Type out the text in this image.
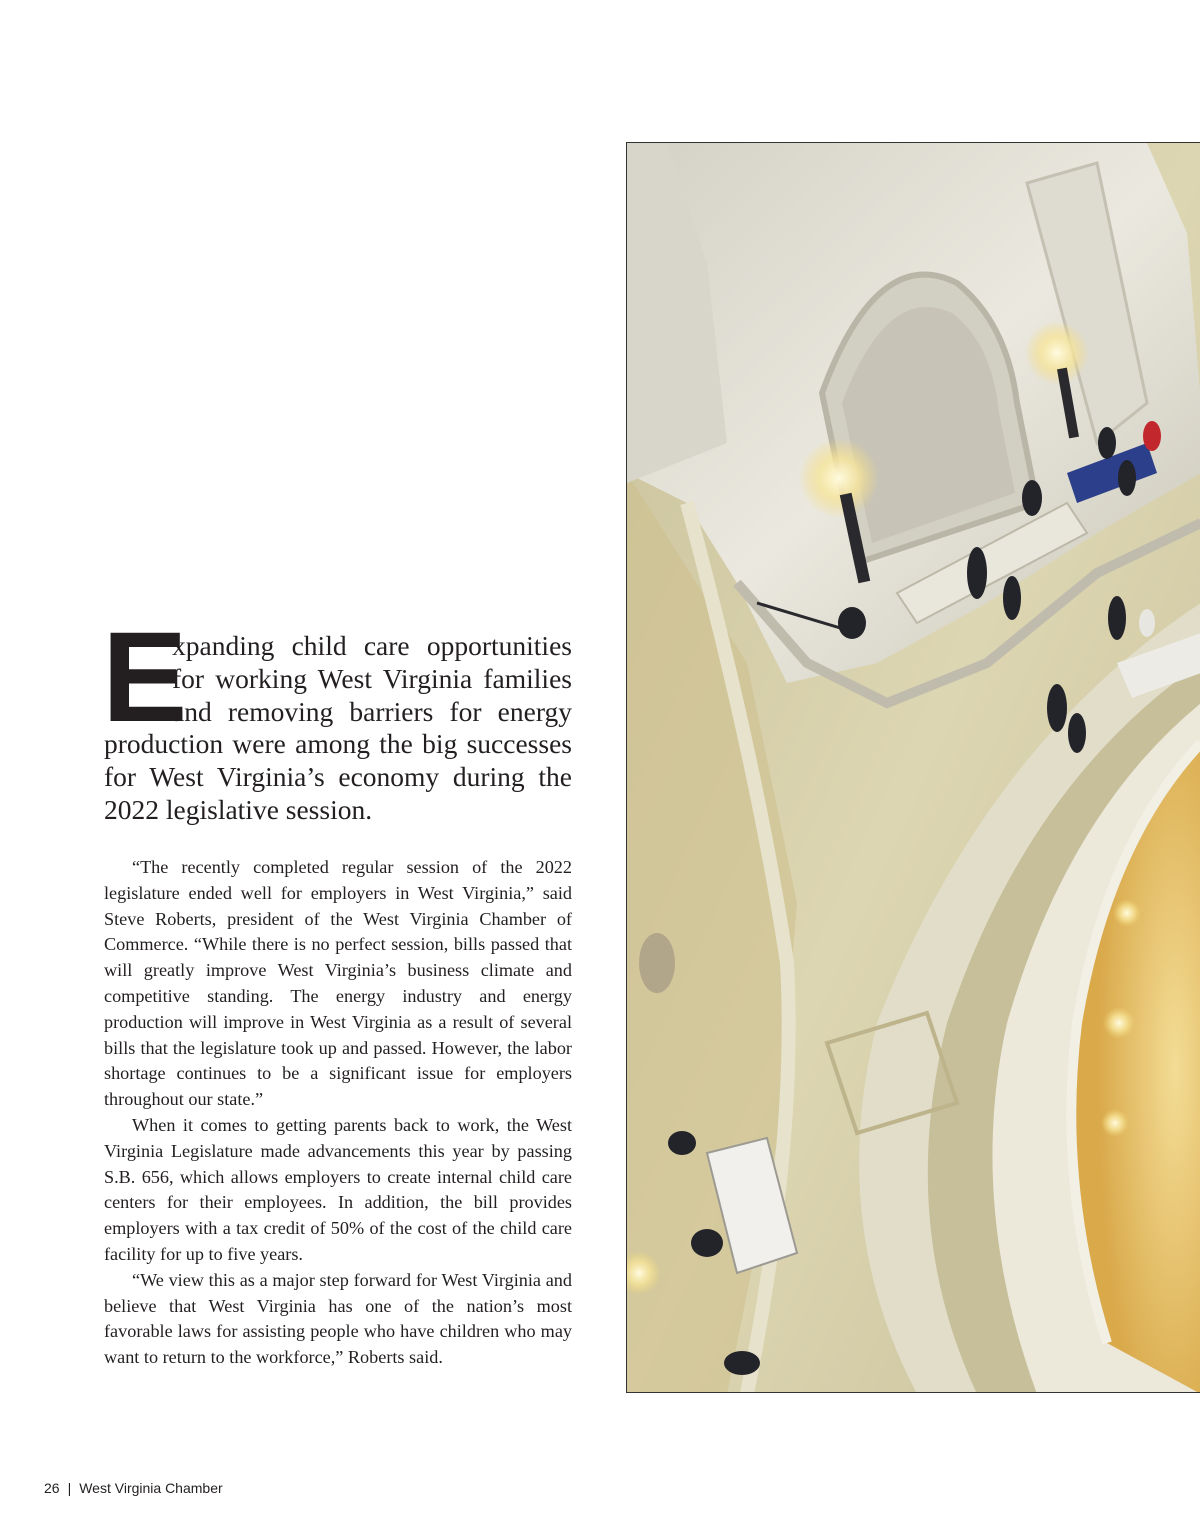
E
xpanding child care opportunities
for working West Virginia families
and removing barriers for energy
production were among the big successes
for West Virginia’s economy during the
2022 legislative session.

“The recently completed regular session of the 2022 legislature ended well for employers in West Virginia,” said Steve Roberts, president of the West Virginia Chamber of Commerce. “While there is no perfect session, bills passed that will greatly improve West Virginia’s business climate and competitive standing. The energy industry and energy production will improve in West Virginia as a result of several bills that the legislature took up and passed. However, the labor shortage continues to be a significant issue for employers throughout our state.”

When it comes to getting parents back to work, the West Virginia Legislature made advancements this year by passing S.B. 656, which allows employers to create internal child care centers for their employees. In addition, the bill provides employers with a tax credit of 50% of the cost of the child care facility for up to five years.

“We view this as a major step forward for West Virginia and believe that West Virginia has one of the nation’s most favorable laws for assisting people who have children who may want to return to the workforce,” Roberts said.

26 | West Virginia Chamber
